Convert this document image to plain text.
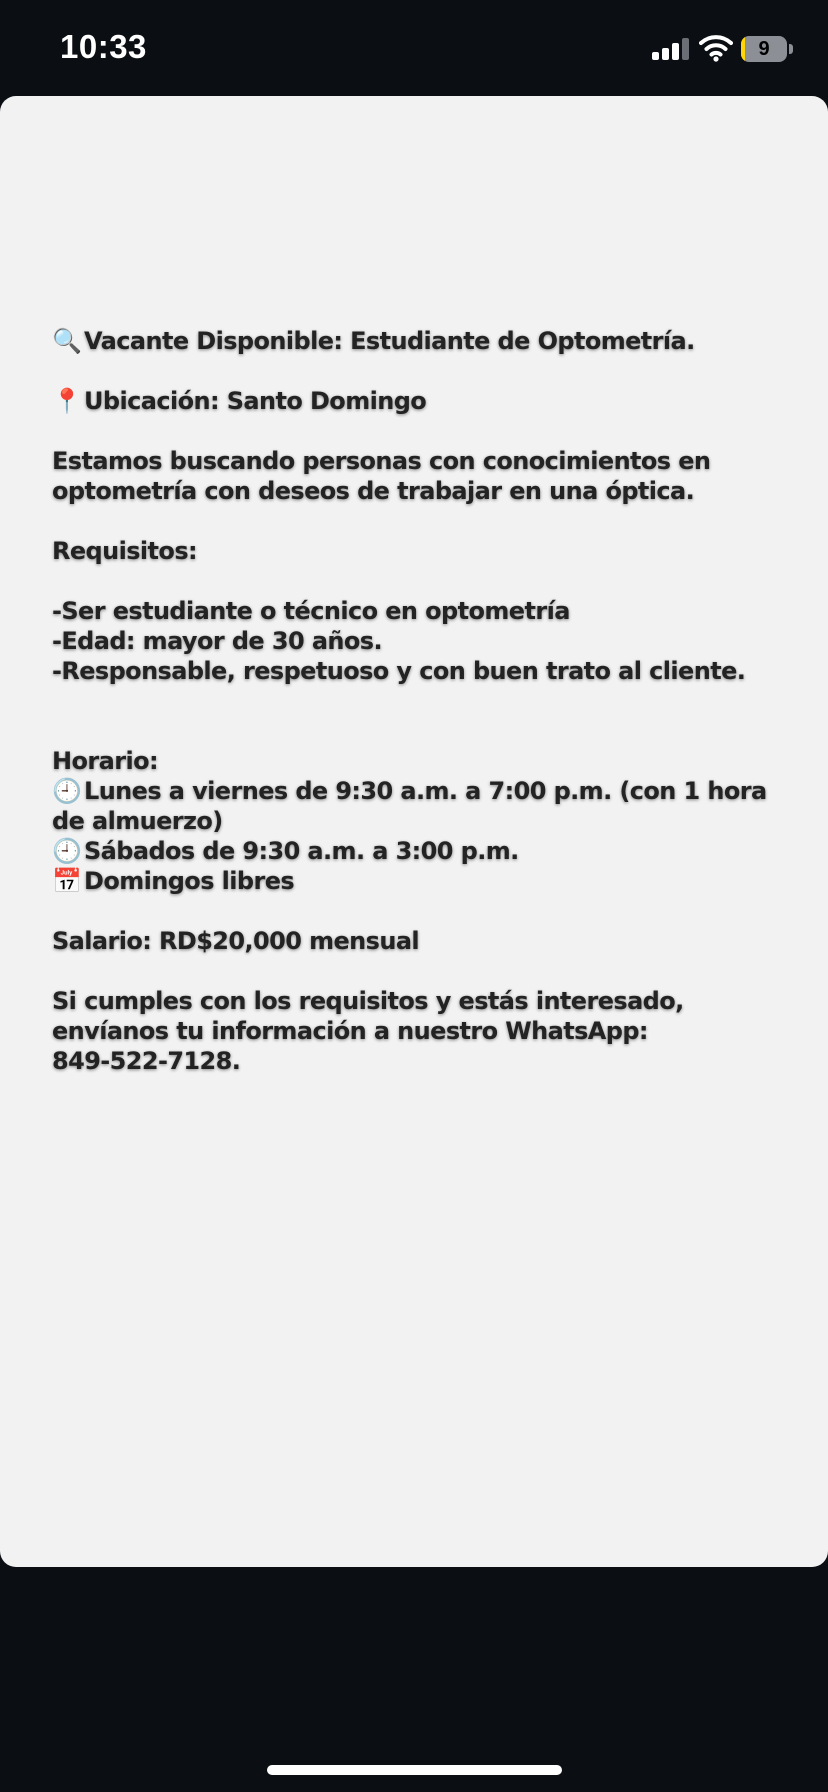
10:33	9
🔍 Vacante Disponible: Estudiante de Optometría.
📍 Ubicación: Santo Domingo
Estamos buscando personas con conocimientos en
optometría con deseos de trabajar en una óptica.
Requisitos:
-Ser estudiante o técnico en optometría
-Edad: mayor de 30 años.
-Responsable, respetuoso y con buen trato al cliente.
Horario:
🕘 Lunes a viernes de 9:30 a.m. a 7:00 p.m. (con 1 hora de almuerzo)
🕘 Sábados de 9:30 a.m. a 3:00 p.m.
📅 Domingos libres
Salario: RD$20,000 mensual
Si cumples con los requisitos y estás interesado,
envíanos tu información a nuestro WhatsApp:
849-522-7128.
